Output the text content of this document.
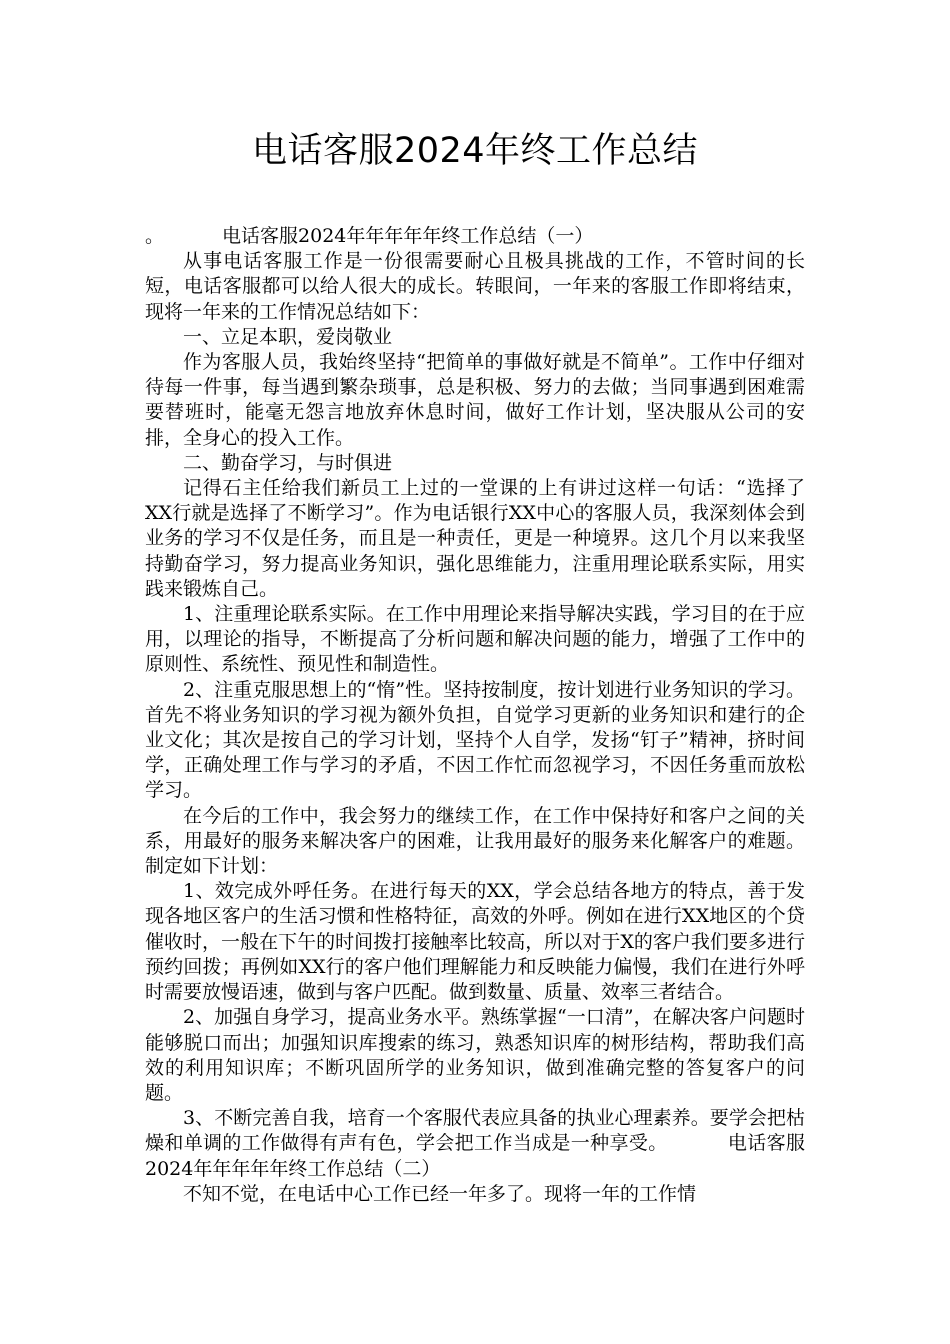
电话客服2024年终工作总结

。	电话客服2024年年年年年终工作总结（一）

从事电话客服工作是一份很需要耐心且极具挑战的工作，不管时间的长短，电话客服都可以给人很大的成长。转眼间，一年来的客服工作即将结束，现将一年来的工作情况总结如下：

一、立足本职，爱岗敬业

作为客服人员，我始终坚持“把简单的事做好就是不简单”。工作中仔细对待每一件事，每当遇到繁杂琐事，总是积极、努力的去做；当同事遇到困难需要替班时，能毫无怨言地放弃休息时间，做好工作计划，坚决服从公司的安排，全身心的投入工作。

二、勤奋学习，与时俱进

记得石主任给我们新员工上过的一堂课的上有讲过这样一句话：“选择了XX行就是选择了不断学习”。作为电话银行XX中心的客服人员，我深刻体会到业务的学习不仅是任务，而且是一种责任，更是一种境界。这几个月以来我坚持勤奋学习，努力提高业务知识，强化思维能力，注重用理论联系实际，用实践来锻炼自己。

1、注重理论联系实际。在工作中用理论来指导解决实践，学习目的在于应用，以理论的指导，不断提高了分析问题和解决问题的能力，增强了工作中的原则性、系统性、预见性和制造性。

2、注重克服思想上的“惰”性。坚持按制度，按计划进行业务知识的学习。首先不将业务知识的学习视为额外负担，自觉学习更新的业务知识和建行的企业文化；其次是按自己的学习计划，坚持个人自学，发扬“钉子”精神，挤时间学，正确处理工作与学习的矛盾，不因工作忙而忽视学习，不因任务重而放松学习。

在今后的工作中，我会努力的继续工作，在工作中保持好和客户之间的关系，用最好的服务来解决客户的困难，让我用最好的服务来化解客户的难题。制定如下计划：

1、效完成外呼任务。在进行每天的XX，学会总结各地方的特点，善于发现各地区客户的生活习惯和性格特征，高效的外呼。例如在进行XX地区的个贷催收时，一般在下午的时间拨打接触率比较高，所以对于X的客户我们要多进行预约回拨；再例如XX行的客户他们理解能力和反映能力偏慢，我们在进行外呼时需要放慢语速，做到与客户匹配。做到数量、质量、效率三者结合。

2、加强自身学习，提高业务水平。熟练掌握“一口清”，在解决客户问题时能够脱口而出；加强知识库搜索的练习，熟悉知识库的树形结构，帮助我们高效的利用知识库；不断巩固所学的业务知识，做到准确完整的答复客户的问题。

3、不断完善自我，培育一个客服代表应具备的执业心理素养。要学会把枯燥和单调的工作做得有声有色，学会把工作当成是一种享受。	电话客服2024年年年年年终工作总结（二）

不知不觉，在电话中心工作已经一年多了。现将一年的工作情
